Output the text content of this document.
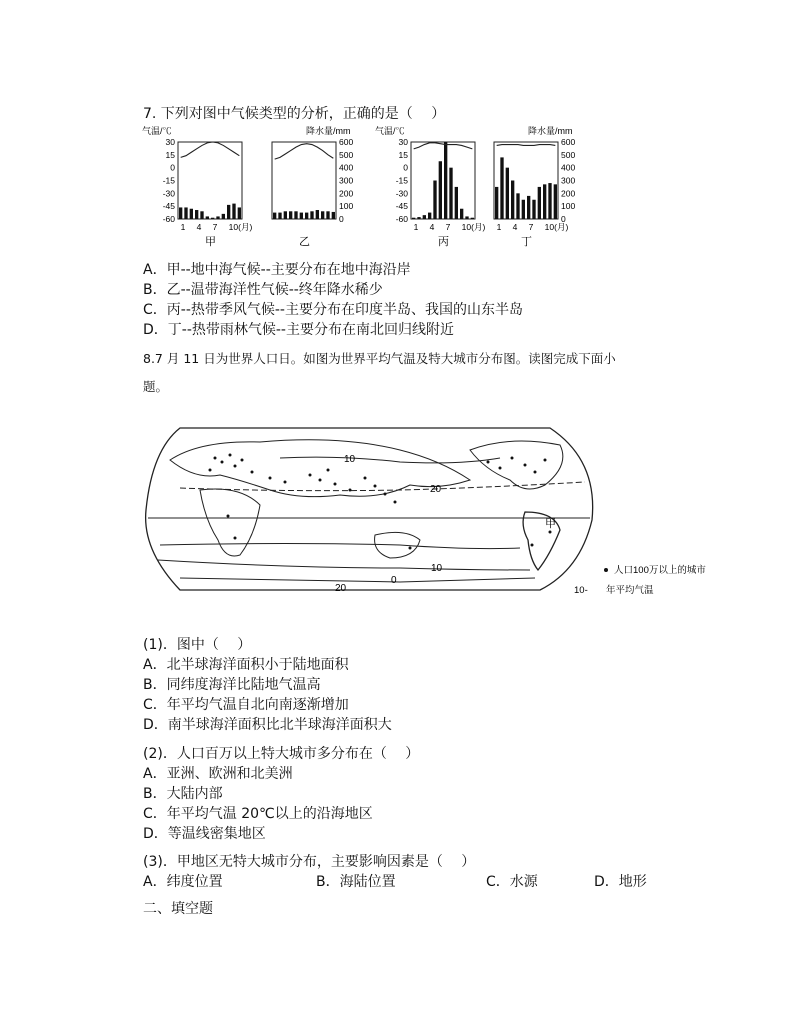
7. 下列对图中气候类型的分析，正确的是（　 ）
气温/℃
30
15
0
-15
-30
-45
-60
1 4 7 10(月)
甲
降水量/mm
600
500
400
300
200
100
0
乙
气温/℃
30
15
0
-15
-30
-45
-60
1 4 7 10(月)
丙
降水量/mm
600
500
400
300
200
100
0
1 4 7 10(月)
丁
A．甲--地中海气候--主要分布在地中海沿岸
B．乙--温带海洋性气候--终年降水稀少
C．丙--热带季风气候--主要分布在印度半岛、我国的山东半岛
D．丁--热带雨林气候--主要分布在南北回归线附近
8.7 月 11 日为世界人口日。如图为世界平均气温及特大城市分布图。读图完成下面小
题。
10
20
0
10
20
甲
人口100万以上的城市
10- 年平均气温
(1)．图中（　 ）
A．北半球海洋面积小于陆地面积
B．同纬度海洋比陆地气温高
C．年平均气温自北向南逐渐增加
D．南半球海洋面积比北半球海洋面积大
(2)．人口百万以上特大城市多分布在（　 ）
A．亚洲、欧洲和北美洲
B．大陆内部
C．年平均气温 20℃以上的沿海地区
D．等温线密集地区
(3)．甲地区无特大城市分布，主要影响因素是（　 ）
A．纬度位置	B．海陆位置	C．水源	D．地形
二、填空题
